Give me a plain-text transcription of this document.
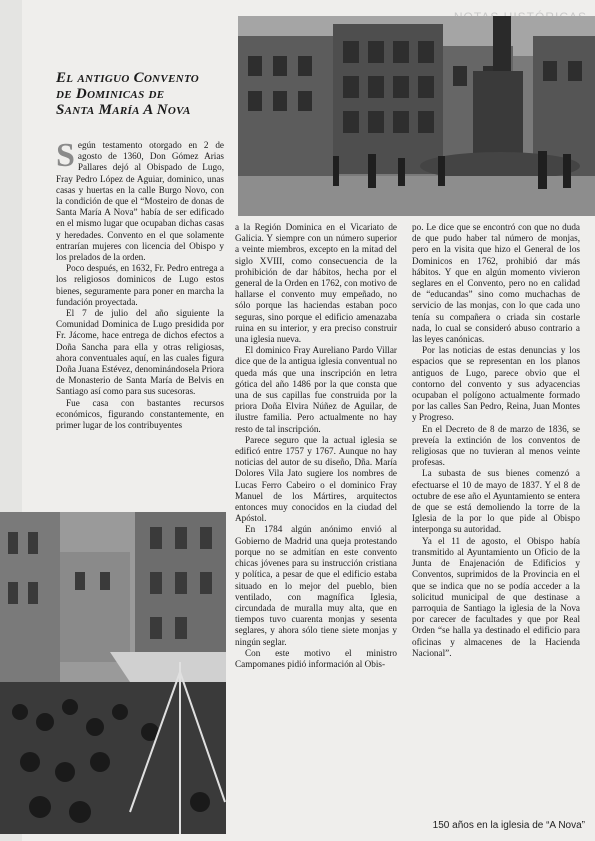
El antiguo Convento
de Dominicas de
Santa María A Nova

Según testamento otorgado en 2 de agosto de 1360, Don Gómez Arias Pallares dejó al Obispado de Lugo, Fray Pedro López de Aguiar, dominico, unas casas y huertas en la calle Burgo Novo, con la condición de que el “Mosteiro de donas de Santa María A Nova” había de ser edificado en el mismo lugar que ocupaban dichas casas y heredades. Convento en el que solamente entrarían mujeres con licencia del Obispo y los prelados de la orden.

Poco después, en 1632, Fr. Pedro entrega a los religiosos dominicos de Lugo estos bienes, seguramente para poner en marcha la fundación proyectada.

El 7 de julio del año siguiente la Comunidad Dominica de Lugo presidida por Fr. Jácome, hace entrega de dichos efectos a Doña Sancha para ella y otras religiosas, ahora conventuales aquí, en las cuales figura Doña Juana Estévez, denominándosela Priora de Monasterio de Santa María de Belvis en Santiago así como para sus sucesoras.

Fue casa con bastantes recursos económicos, figurando constantemente, en primer lugar de los contribuyentes

a la Región Dominica en el Vicariato de Galicia. Y siempre con un número superior a veinte miembros, excepto en la mitad del siglo XVIII, como consecuencia de la prohibición de dar hábitos, hecha por el general de la Orden en 1762, con motivo de hallarse el convento muy empeñado, no sólo porque las haciendas estaban poco seguras, sino porque el edificio amenazaba ruina en su interior, y era preciso construir una iglesia nueva.

El dominico Fray Aureliano Pardo Villar dice que de la antigua iglesia conventual no queda más que una inscripción en letra gótica del año 1486 por la que consta que una de sus capillas fue construida por la priora Doña Elvira Núñez de Aguilar, de ilustre familia. Pero actualmente no hay resto de tal inscripción.

Parece seguro que la actual iglesia se edificó entre 1757 y 1767. Aunque no hay noticias del autor de su diseño, Dña. María Dolores Vila Jato sugiere los nombres de Lucas Ferro Cabeiro o el dominico Fray Manuel de los Mártires, arquitectos entonces muy conocidos en la ciudad del Apóstol.

En 1784 algún anónimo envió al Gobierno de Madrid una queja protestando porque no se admitían en este convento chicas jóvenes para su instrucción cristiana y política, a pesar de que el edificio estaba situado en lo mejor del pueblo, bien ventilado, con magnífica Iglesia, circundada de muralla muy alta, que en tiempos tuvo cuarenta monjas y sesenta seglares, y ahora sólo tiene siete monjas y ningún seglar.

Con este motivo el ministro Campomanes pidió información al Obis-

po. Le dice que se encontró con que no duda de que pudo haber tal número de monjas, pero en la visita que hizo el General de los Dominicos en 1762, prohibió dar más hábitos. Y que en algún momento vivieron seglares en el Convento, pero no en calidad de “educandas” sino como muchachas de servicio de las monjas, con lo que cada uno tenía su compañera o criada sin costarle nada, lo cual se consideró abuso contrario a las leyes canónicas.

Por las noticias de estas denuncias y los espacios que se representan en los planos antiguos de Lugo, parece obvio que el contorno del convento y sus adyacencias ocupaban el polígono actualmente formado por las calles San Pedro, Reina, Juan Montes y Progreso.

En el Decreto de 8 de marzo de 1836, se preveía la extinción de los conventos de religiosas que no tuvieran al menos veinte profesas.

La subasta de sus bienes comenzó a efectuarse el 10 de mayo de 1837. Y el 8 de octubre de ese año el Ayuntamiento se entera de que se está demoliendo la torre de la Iglesia de la por lo que pide al Obispo interponga su autoridad.

Ya el 11 de agosto, el Obispo había transmitido al Ayuntamiento un Oficio de la Junta de Enajenación de Edificios y Conventos, suprimidos de la Provincia en el que se indica que no se podía acceder a la solicitud municipal de que destinase a parroquia de Santiago la iglesia de la Nova por carecer de facultades y que por Real Orden “se halla ya destinado el edificio para oficinas y almacenes de la Hacienda Nacional”.

150 años en la iglesia de “A Nova”
